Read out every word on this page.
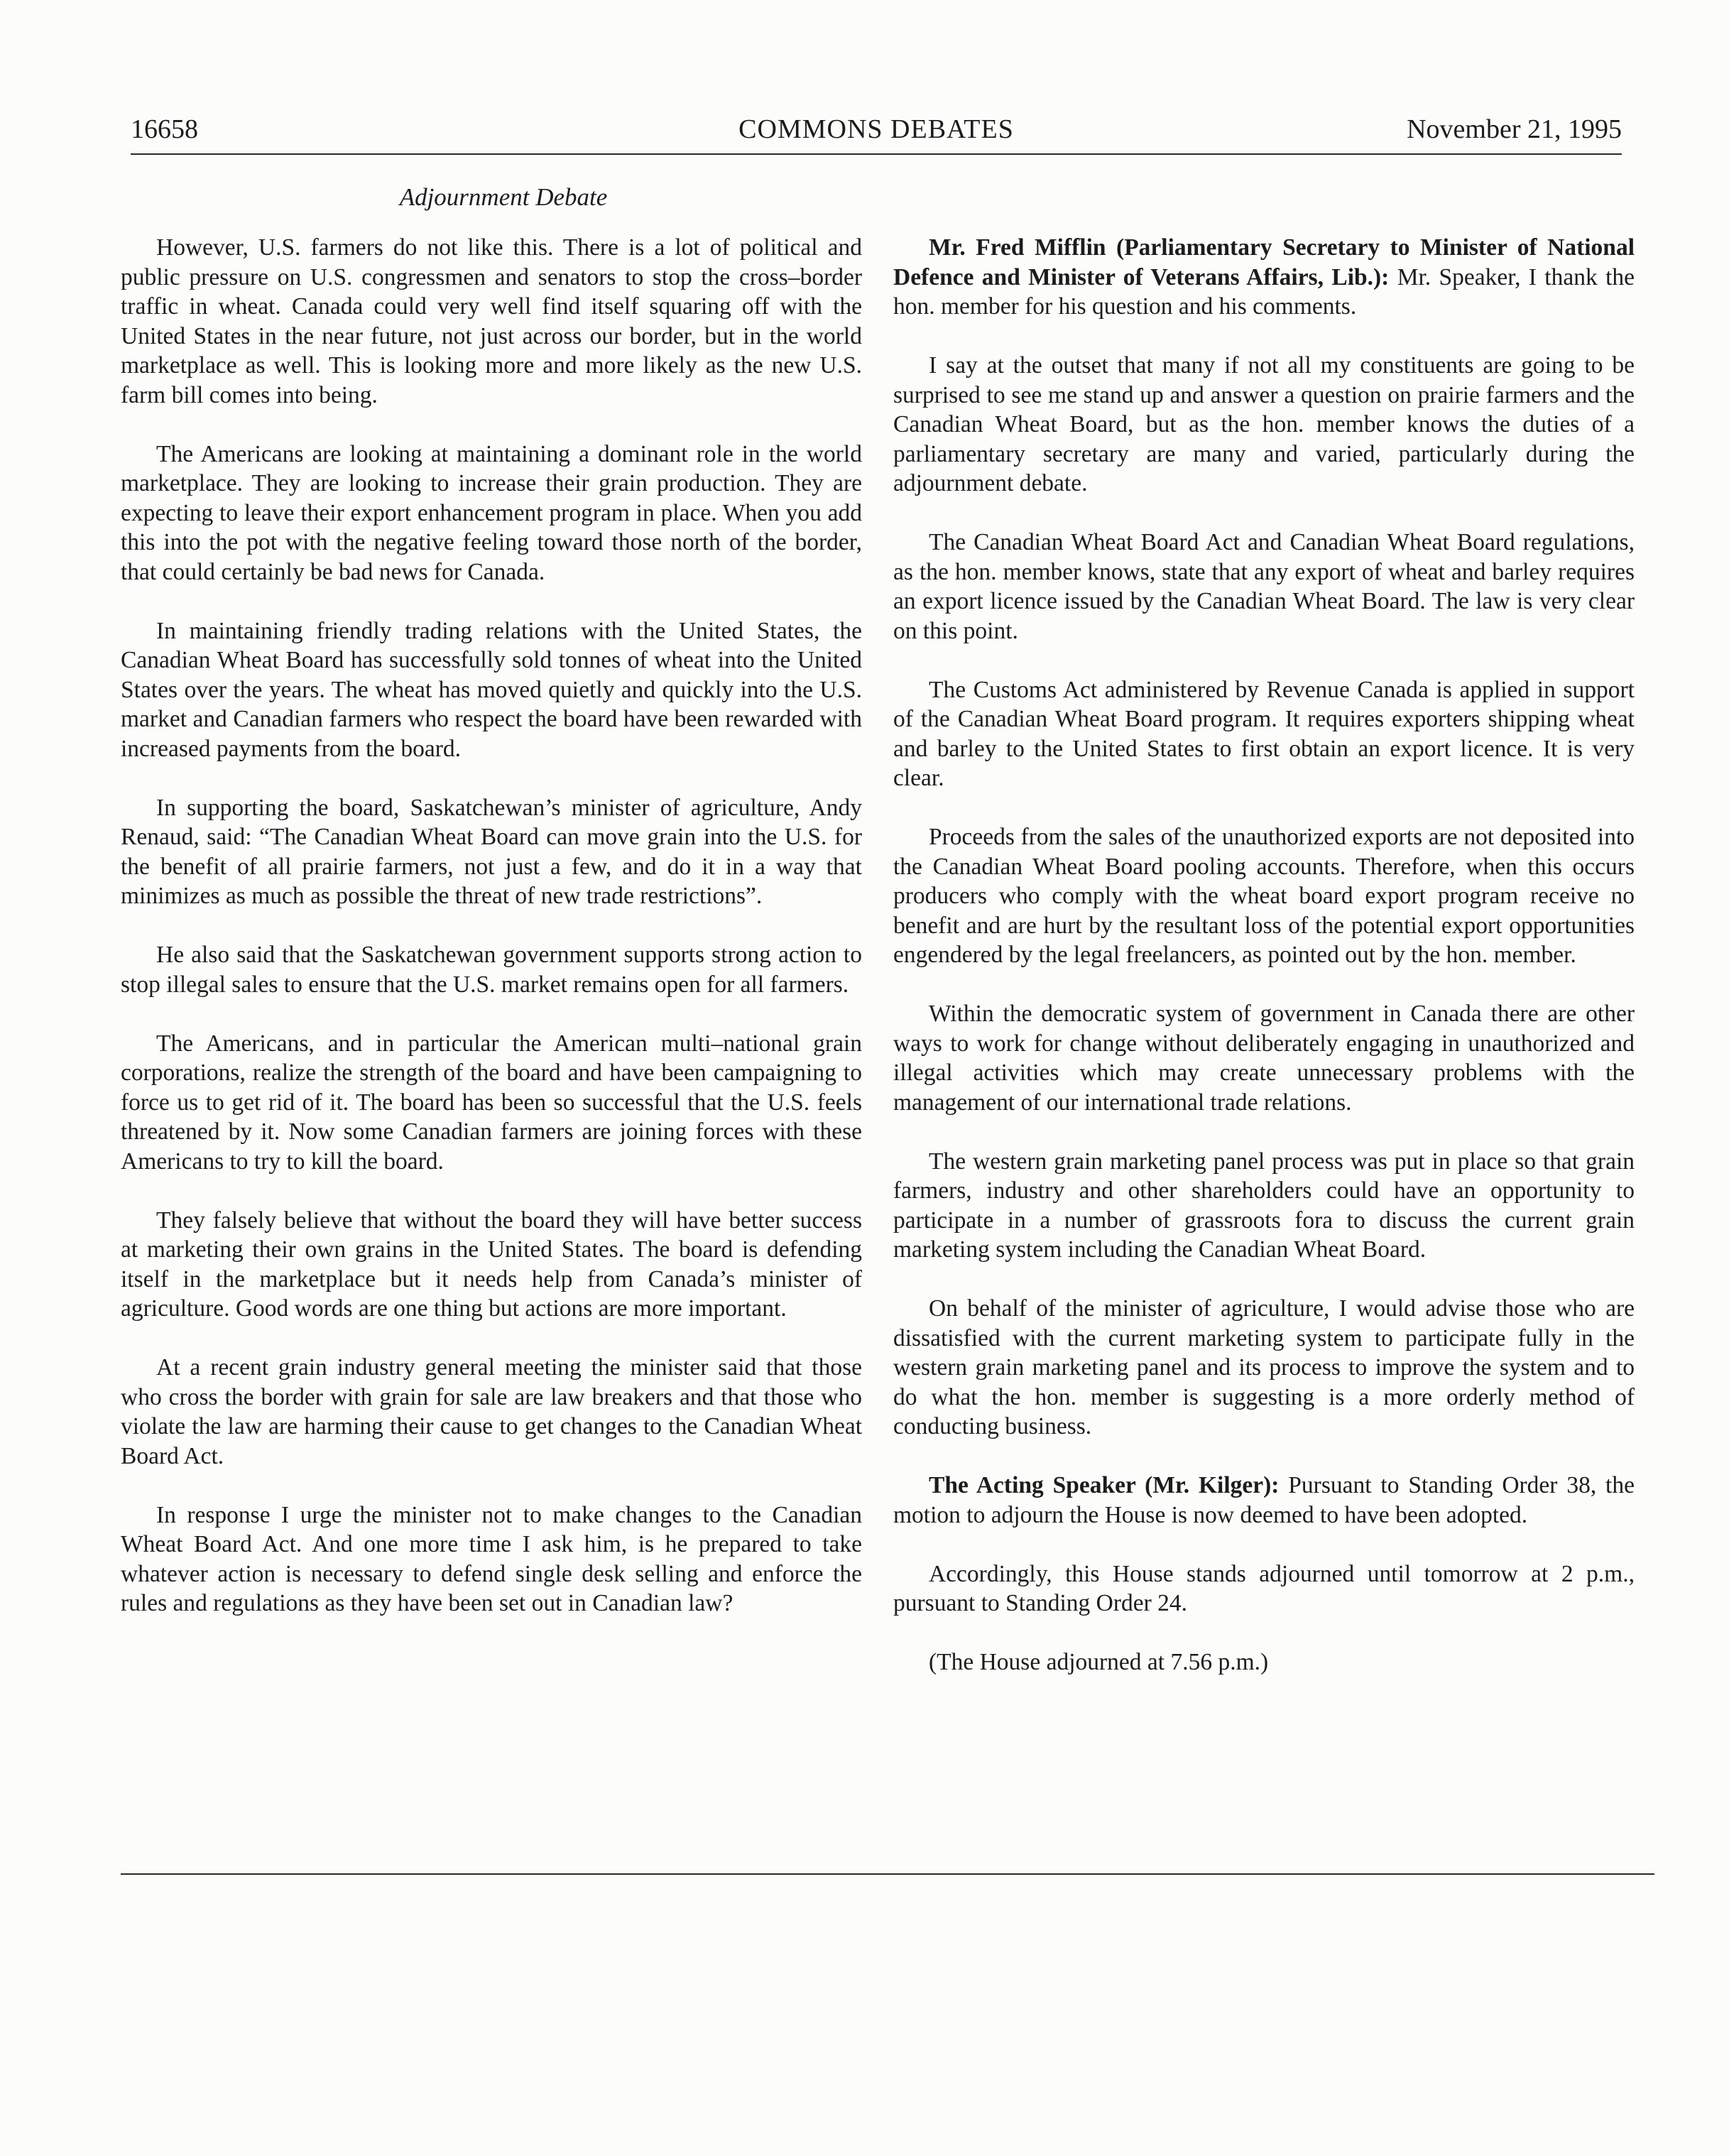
16658	COMMONS DEBATES	November 21, 1995
Adjournment Debate

However, U.S. farmers do not like this. There is a lot of political and public pressure on U.S. congressmen and senators to stop the cross–border traffic in wheat. Canada could very well find itself squaring off with the United States in the near future, not just across our border, but in the world marketplace as well. This is looking more and more likely as the new U.S. farm bill comes into being.

The Americans are looking at maintaining a dominant role in the world marketplace. They are looking to increase their grain production. They are expecting to leave their export enhancement program in place. When you add this into the pot with the negative feeling toward those north of the border, that could certainly be bad news for Canada.

In maintaining friendly trading relations with the United States, the Canadian Wheat Board has successfully sold tonnes of wheat into the United States over the years. The wheat has moved quietly and quickly into the U.S. market and Canadian farmers who respect the board have been rewarded with increased payments from the board.

In supporting the board, Saskatchewan’s minister of agriculture, Andy Renaud, said: “The Canadian Wheat Board can move grain into the U.S. for the benefit of all prairie farmers, not just a few, and do it in a way that minimizes as much as possible the threat of new trade restrictions”.

He also said that the Saskatchewan government supports strong action to stop illegal sales to ensure that the U.S. market remains open for all farmers.

The Americans, and in particular the American multi–national grain corporations, realize the strength of the board and have been campaigning to force us to get rid of it. The board has been so successful that the U.S. feels threatened by it. Now some Canadian farmers are joining forces with these Americans to try to kill the board.

They falsely believe that without the board they will have better success at marketing their own grains in the United States. The board is defending itself in the marketplace but it needs help from Canada’s minister of agriculture. Good words are one thing but actions are more important.

At a recent grain industry general meeting the minister said that those who cross the border with grain for sale are law breakers and that those who violate the law are harming their cause to get changes to the Canadian Wheat Board Act.

In response I urge the minister not to make changes to the Canadian Wheat Board Act. And one more time I ask him, is he prepared to take whatever action is necessary to defend single desk selling and enforce the rules and regulations as they have been set out in Canadian law?

Mr. Fred Mifflin (Parliamentary Secretary to Minister of National Defence and Minister of Veterans Affairs, Lib.): Mr. Speaker, I thank the hon. member for his question and his comments.

I say at the outset that many if not all my constituents are going to be surprised to see me stand up and answer a question on prairie farmers and the Canadian Wheat Board, but as the hon. member knows the duties of a parliamentary secretary are many and varied, particularly during the adjournment debate.

The Canadian Wheat Board Act and Canadian Wheat Board regulations, as the hon. member knows, state that any export of wheat and barley requires an export licence issued by the Canadian Wheat Board. The law is very clear on this point.

The Customs Act administered by Revenue Canada is applied in support of the Canadian Wheat Board program. It requires exporters shipping wheat and barley to the United States to first obtain an export licence. It is very clear.

Proceeds from the sales of the unauthorized exports are not deposited into the Canadian Wheat Board pooling accounts. Therefore, when this occurs producers who comply with the wheat board export program receive no benefit and are hurt by the resultant loss of the potential export opportunities engendered by the legal freelancers, as pointed out by the hon. member.

Within the democratic system of government in Canada there are other ways to work for change without deliberately engaging in unauthorized and illegal activities which may create unnecessary problems with the management of our international trade relations.

The western grain marketing panel process was put in place so that grain farmers, industry and other shareholders could have an opportunity to participate in a number of grassroots fora to discuss the current grain marketing system including the Canadian Wheat Board.

On behalf of the minister of agriculture, I would advise those who are dissatisfied with the current marketing system to participate fully in the western grain marketing panel and its process to improve the system and to do what the hon. member is suggesting is a more orderly method of conducting business.

The Acting Speaker (Mr. Kilger): Pursuant to Standing Order 38, the motion to adjourn the House is now deemed to have been adopted.

Accordingly, this House stands adjourned until tomorrow at 2 p.m., pursuant to Standing Order 24.

(The House adjourned at 7.56 p.m.)
